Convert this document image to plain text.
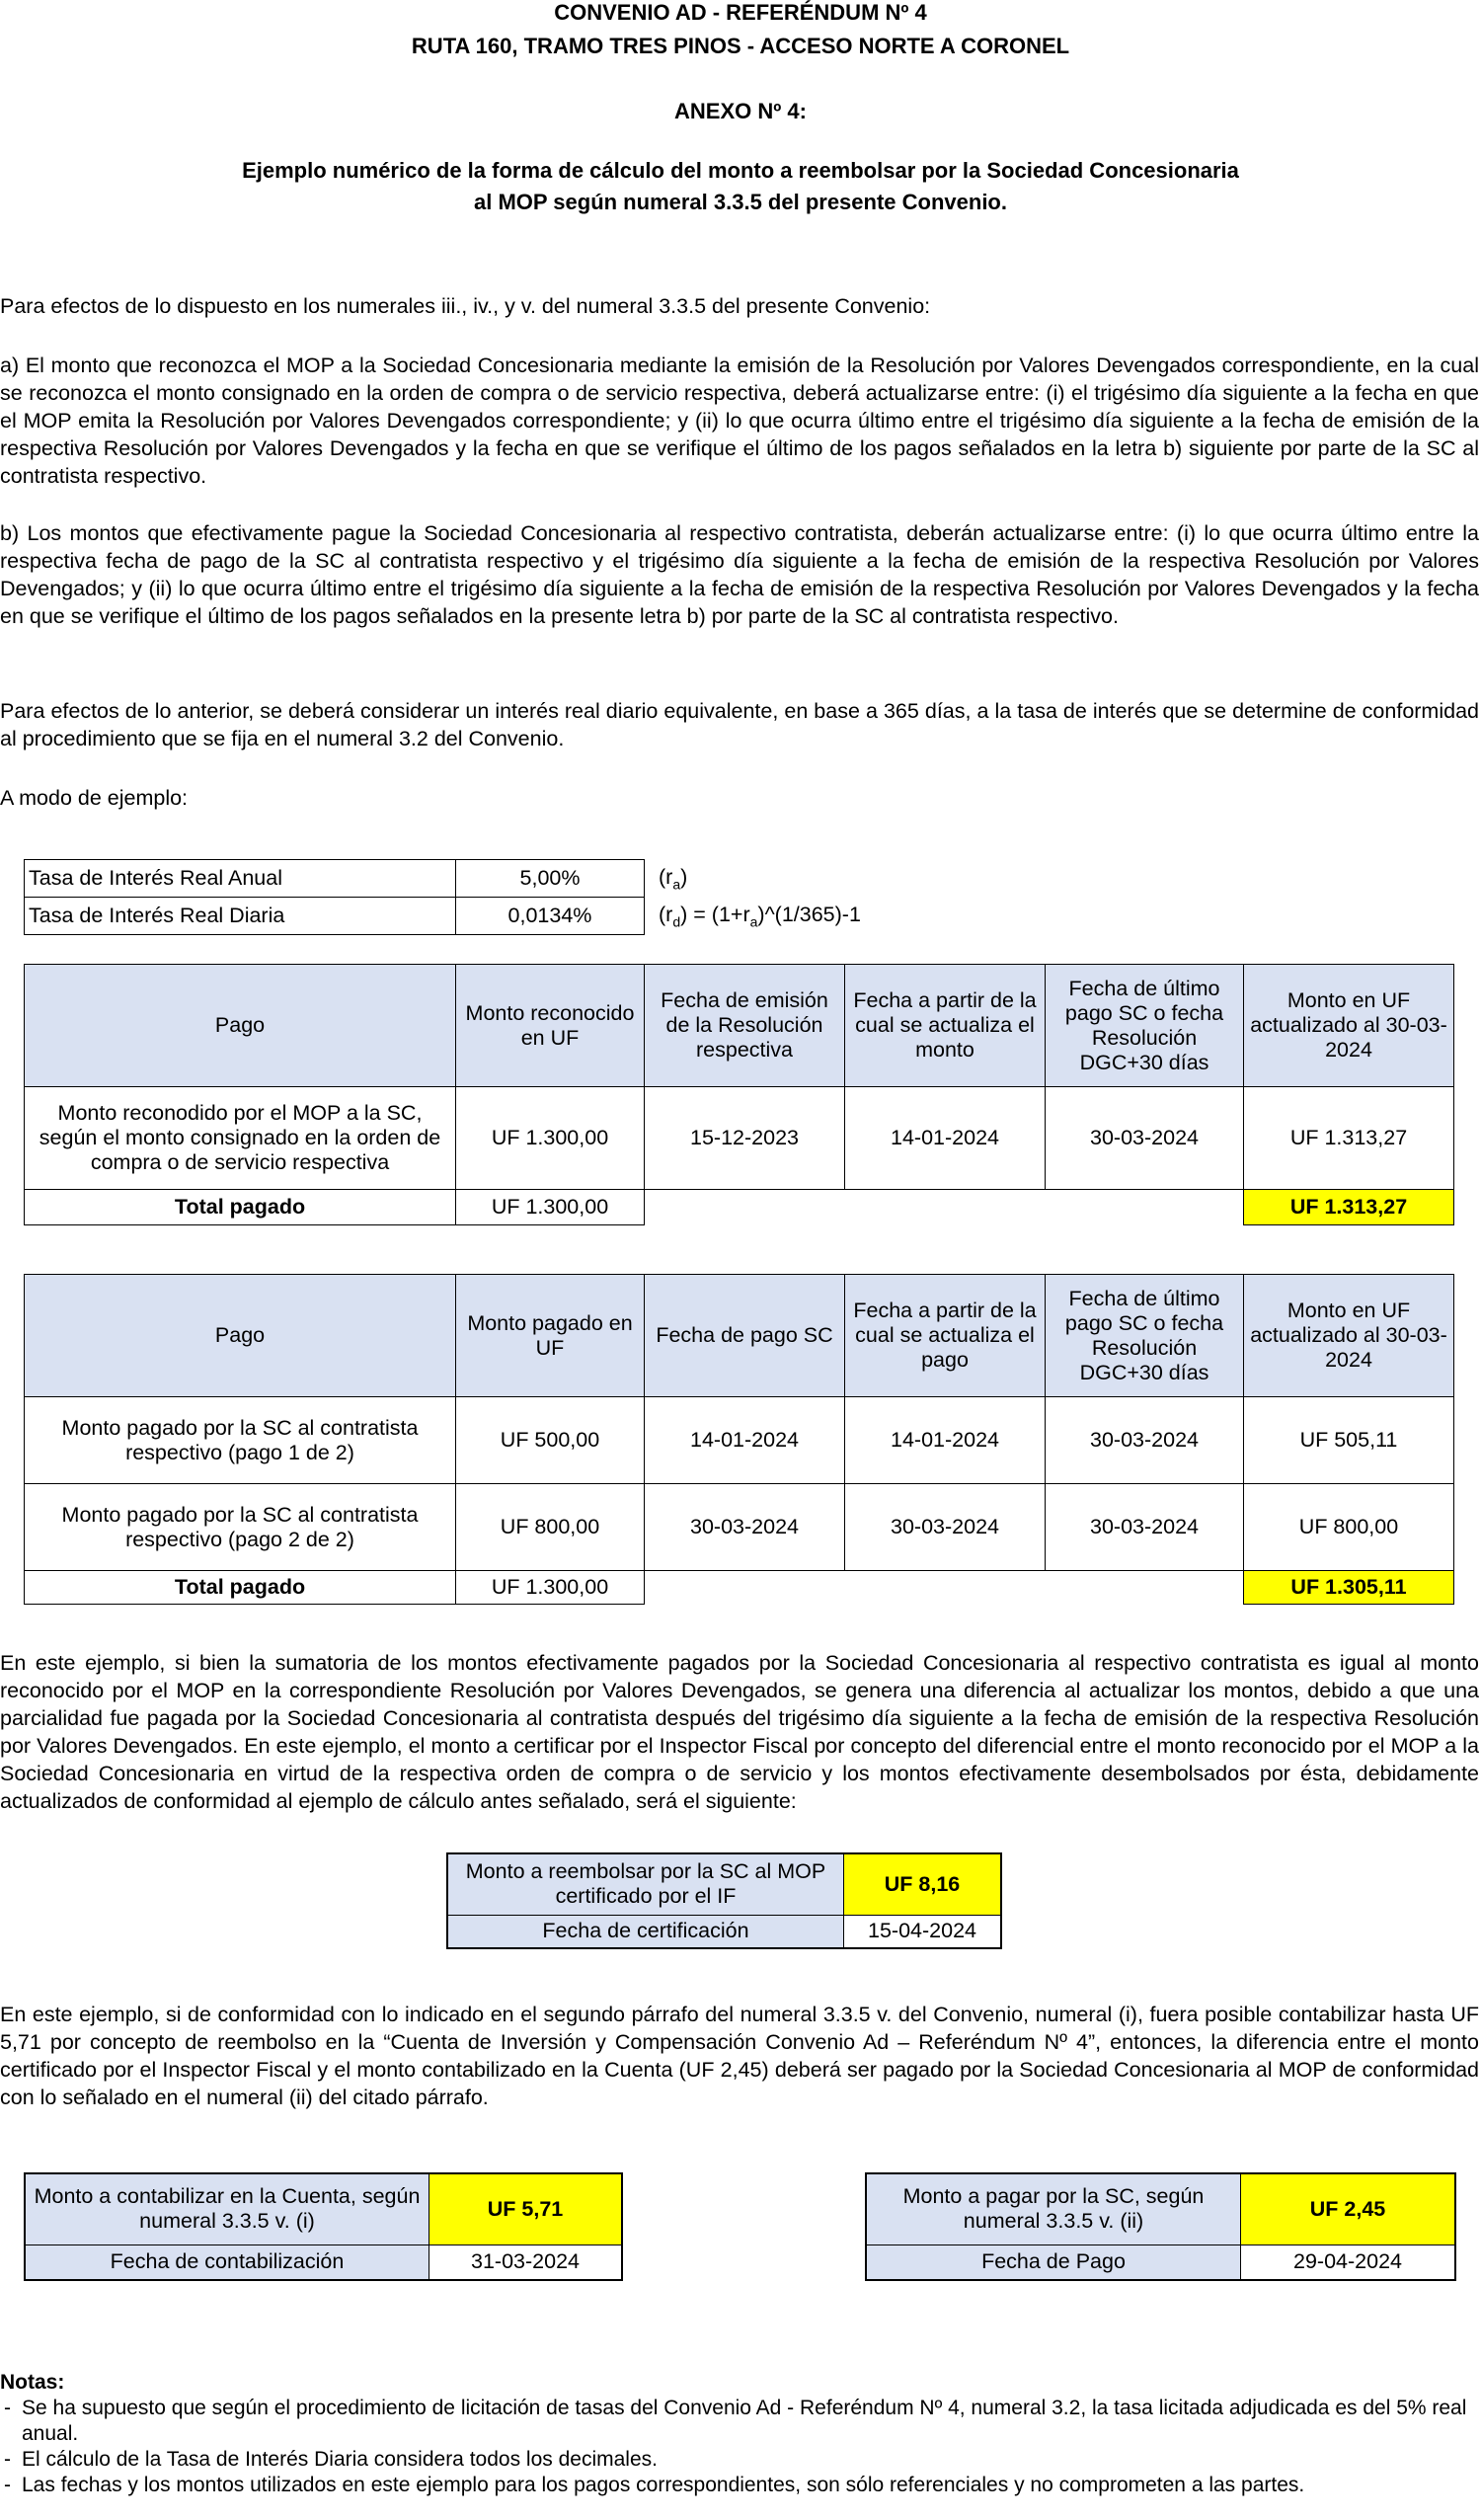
CONVENIO AD - REFERÉNDUM Nº 4
RUTA 160, TRAMO TRES PINOS - ACCESO NORTE A CORONEL
ANEXO Nº 4:
Ejemplo numérico de la forma de cálculo del monto a reembolsar por la Sociedad Concesionaria
al MOP según numeral 3.3.5 del presente Convenio.

Para efectos de lo dispuesto en los numerales iii., iv., y v. del numeral 3.3.5 del presente Convenio:

a) El monto que reconozca el MOP a la Sociedad Concesionaria mediante la emisión de la Resolución por Valores Devengados correspondiente, en la cual se reconozca el monto consignado en la orden de compra o de servicio respectiva, deberá actualizarse entre: (i) el trigésimo día siguiente a la fecha en que el MOP emita la Resolución por Valores Devengados correspondiente; y (ii) lo que ocurra último entre el trigésimo día siguiente a la fecha de emisión de la respectiva Resolución por Valores Devengados y la fecha en que se verifique el último de los pagos señalados en la letra b) siguiente por parte de la SC al contratista respectivo.

b) Los montos que efectivamente pague la Sociedad Concesionaria al respectivo contratista, deberán actualizarse entre: (i) lo que ocurra último entre la respectiva fecha de pago de la SC al contratista respectivo y el trigésimo día siguiente a la fecha de emisión de la respectiva Resolución por Valores Devengados; y (ii) lo que ocurra último entre el trigésimo día siguiente a la fecha de emisión de la respectiva Resolución por Valores Devengados y la fecha en que se verifique el último de los pagos señalados en la presente letra b) por parte de la SC al contratista respectivo.

Para efectos de lo anterior, se deberá considerar un interés real diario equivalente, en base a 365 días, a la tasa de interés que se determine de conformidad al procedimiento que se fija en el numeral 3.2 del Convenio.

A modo de ejemplo:

Tasa de Interés Real Anual	5,00%	$(r_a)$
Tasa de Interés Real Diaria	0,0134%	$(r_d)$ = $(1+r_a)\^{}(1/365)-1$
Pago	Monto reconocido en UF	Fecha de emisión de la Resolución respectiva	Fecha a partir de la cual se actualiza el monto	Fecha de último pago SC o fecha Resolución DGC+30 días	Monto en UF actualizado al 30-03-2024
Monto reconodido por el MOP a la SC, según el monto consignado en la orden de compra o de servicio respectiva	UF 1.300,00	15-12-2023	14-01-2024	30-03-2024	UF 1.313,27
Total pagado	UF 1.300,00				UF 1.313,27
Pago	Monto pagado en UF	Fecha de pago SC	Fecha a partir de la cual se actualiza el pago	Fecha de último pago SC o fecha Resolución DGC+30 días	Monto en UF actualizado al 30-03-2024
Monto pagado por la SC al contratista respectivo (pago 1 de 2)	UF 500,00	14-01-2024	14-01-2024	30-03-2024	UF 505,11
Monto pagado por la SC al contratista respectivo (pago 2 de 2)	UF 800,00	30-03-2024	30-03-2024	30-03-2024	UF 800,00
Total pagado	UF 1.300,00				UF 1.305,11

En este ejemplo, si bien la sumatoria de los montos efectivamente pagados por la Sociedad Concesionaria al respectivo contratista es igual al monto reconocido por el MOP en la correspondiente Resolución por Valores Devengados, se genera una diferencia al actualizar los montos, debido a que una parcialidad fue pagada por la Sociedad Concesionaria al contratista después del trigésimo día siguiente a la fecha de emisión de la respectiva Resolución por Valores Devengados. En este ejemplo, el monto a certificar por el Inspector Fiscal por concepto del diferencial entre el monto reconocido por el MOP a la Sociedad Concesionaria en virtud de la respectiva orden de compra o de servicio y los montos efectivamente desembolsados por ésta, debidamente actualizados de conformidad al ejemplo de cálculo antes señalado, será el siguiente:

Monto a reembolsar por la SC al MOP certificado por el IF	UF 8,16
Fecha de certificación	15-04-2024

En este ejemplo, si de conformidad con lo indicado en el segundo párrafo del numeral 3.3.5 v. del Convenio, numeral (i), fuera posible contabilizar hasta UF 5,71 por concepto de reembolso en la “Cuenta de Inversión y Compensación Convenio Ad – Referéndum Nº 4”, entonces, la diferencia entre el monto certificado por el Inspector Fiscal y el monto contabilizado en la Cuenta (UF 2,45) deberá ser pagado por la Sociedad Concesionaria al MOP de conformidad con lo señalado en el numeral (ii) del citado párrafo.

Monto a contabilizar en la Cuenta, según numeral 3.3.5 v. (i)	UF 5,71
Fecha de contabilización	31-03-2024
Monto a pagar por la SC, según numeral 3.3.5 v. (ii)	UF 2,45
Fecha de Pago	29-04-2024
Notas:
- Se ha supuesto que según el procedimiento de licitación de tasas del Convenio Ad - Referéndum Nº 4, numeral 3.2, la tasa licitada adjudicada es del 5% real anual.
- El cálculo de la Tasa de Interés Diaria considera todos los decimales.
- Las fechas y los montos utilizados en este ejemplo para los pagos correspondientes, son sólo referenciales y no comprometen a las partes.
